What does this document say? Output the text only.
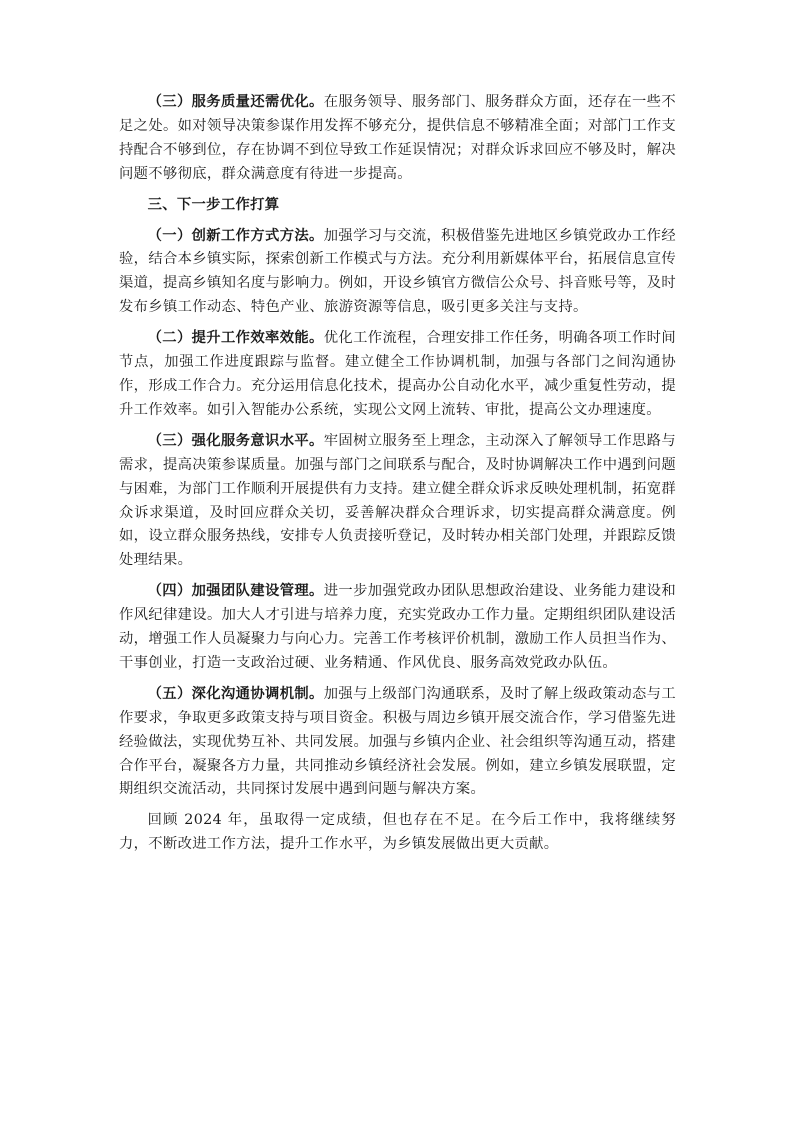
（三）服务质量还需优化。在服务领导、服务部门、服务群众方面，还存在一些不足之处。如对领导决策参谋作用发挥不够充分，提供信息不够精准全面；对部门工作支持配合不够到位，存在协调不到位导致工作延误情况；对群众诉求回应不够及时，解决问题不够彻底，群众满意度有待进一步提高。

三、下一步工作打算

（一）创新工作方式方法。加强学习与交流，积极借鉴先进地区乡镇党政办工作经验，结合本乡镇实际，探索创新工作模式与方法。充分利用新媒体平台，拓展信息宣传渠道，提高乡镇知名度与影响力。例如，开设乡镇官方微信公众号、抖音账号等，及时发布乡镇工作动态、特色产业、旅游资源等信息，吸引更多关注与支持。

（二）提升工作效率效能。优化工作流程，合理安排工作任务，明确各项工作时间节点，加强工作进度跟踪与监督。建立健全工作协调机制，加强与各部门之间沟通协作，形成工作合力。充分运用信息化技术，提高办公自动化水平，减少重复性劳动，提升工作效率。如引入智能办公系统，实现公文网上流转、审批，提高公文办理速度。

（三）强化服务意识水平。牢固树立服务至上理念，主动深入了解领导工作思路与需求，提高决策参谋质量。加强与部门之间联系与配合，及时协调解决工作中遇到问题与困难，为部门工作顺利开展提供有力支持。建立健全群众诉求反映处理机制，拓宽群众诉求渠道，及时回应群众关切，妥善解决群众合理诉求，切实提高群众满意度。例如，设立群众服务热线，安排专人负责接听登记，及时转办相关部门处理，并跟踪反馈处理结果。

（四）加强团队建设管理。进一步加强党政办团队思想政治建设、业务能力建设和作风纪律建设。加大人才引进与培养力度，充实党政办工作力量。定期组织团队建设活动，增强工作人员凝聚力与向心力。完善工作考核评价机制，激励工作人员担当作为、干事创业，打造一支政治过硬、业务精通、作风优良、服务高效党政办队伍。

（五）深化沟通协调机制。加强与上级部门沟通联系，及时了解上级政策动态与工作要求，争取更多政策支持与项目资金。积极与周边乡镇开展交流合作，学习借鉴先进经验做法，实现优势互补、共同发展。加强与乡镇内企业、社会组织等沟通互动，搭建合作平台，凝聚各方力量，共同推动乡镇经济社会发展。例如，建立乡镇发展联盟，定期组织交流活动，共同探讨发展中遇到问题与解决方案。

回顾 2024 年，虽取得一定成绩，但也存在不足。在今后工作中，我将继续努力，不断改进工作方法，提升工作水平，为乡镇发展做出更大贡献。
